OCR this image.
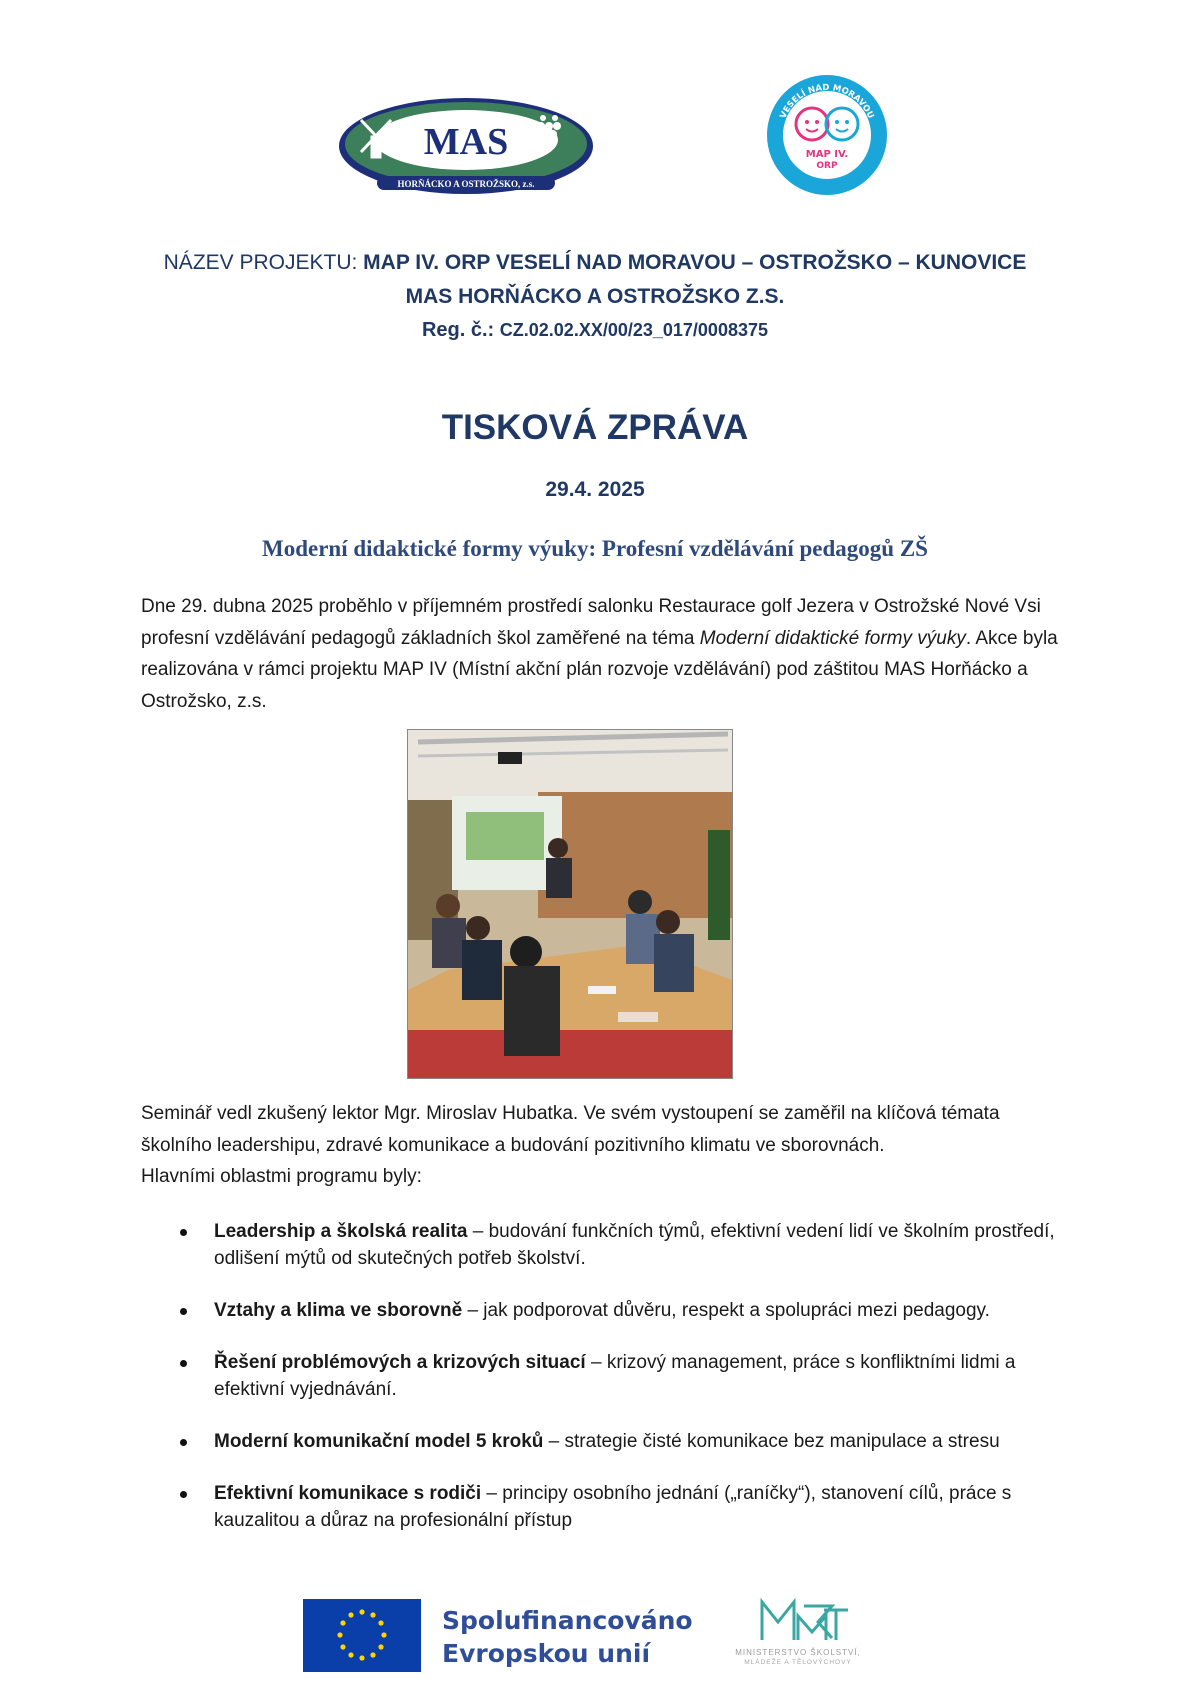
MAS
HORŇÁCKO A OSTROŽSKO, z.s.
VESELÍ NAD MORAVOU
OSTROŽSKO · KUNOVICE
MAP IV.
ORP
NÁZEV PROJEKTU: MAP IV. ORP VESELÍ NAD MORAVOU – OSTROŽSKO – KUNOVICE
MAS HORŇÁCKO A OSTROŽSKO Z.S.
Reg. č.: CZ.02.02.XX/00/23_017/0008375
TISKOVÁ ZPRÁVA
29.4. 2025
Moderní didaktické formy výuky: Profesní vzdělávání pedagogů ZŠ
Dne 29. dubna 2025 proběhlo v příjemném prostředí salonku Restaurace golf Jezera v Ostrožské Nové Vsi profesní vzdělávání pedagogů základních škol zaměřené na téma Moderní didaktické formy výuky. Akce byla realizována v rámci projektu MAP IV (Místní akční plán rozvoje vzdělávání) pod záštitou MAS Horňácko a Ostrožsko, z.s.
Seminář vedl zkušený lektor Mgr. Miroslav Hubatka. Ve svém vystoupení se zaměřil na klíčová témata školního leadershipu, zdravé komunikace a budování pozitivního klimatu ve sborovnách.
Hlavními oblastmi programu byly:
Leadership a školská realita – budování funkčních týmů, efektivní vedení lidí ve školním prostředí, odlišení mýtů od skutečných potřeb školství.
Vztahy a klima ve sborovně – jak podporovat důvěru, respekt a spolupráci mezi pedagogy.
Řešení problémových a krizových situací – krizový management, práce s konfliktními lidmi a efektivní vyjednávání.
Moderní komunikační model 5 kroků – strategie čisté komunikace bez manipulace a stresu
Efektivní komunikace s rodiči – principy osobního jednání („raníčky“), stanovení cílů, práce s kauzalitou a důraz na profesionální přístup
Spolufinancováno
Evropskou unií	MINISTERSTVO ŠKOLSTVÍ,
MLÁDEŽE A TĚLOVÝCHOVY
